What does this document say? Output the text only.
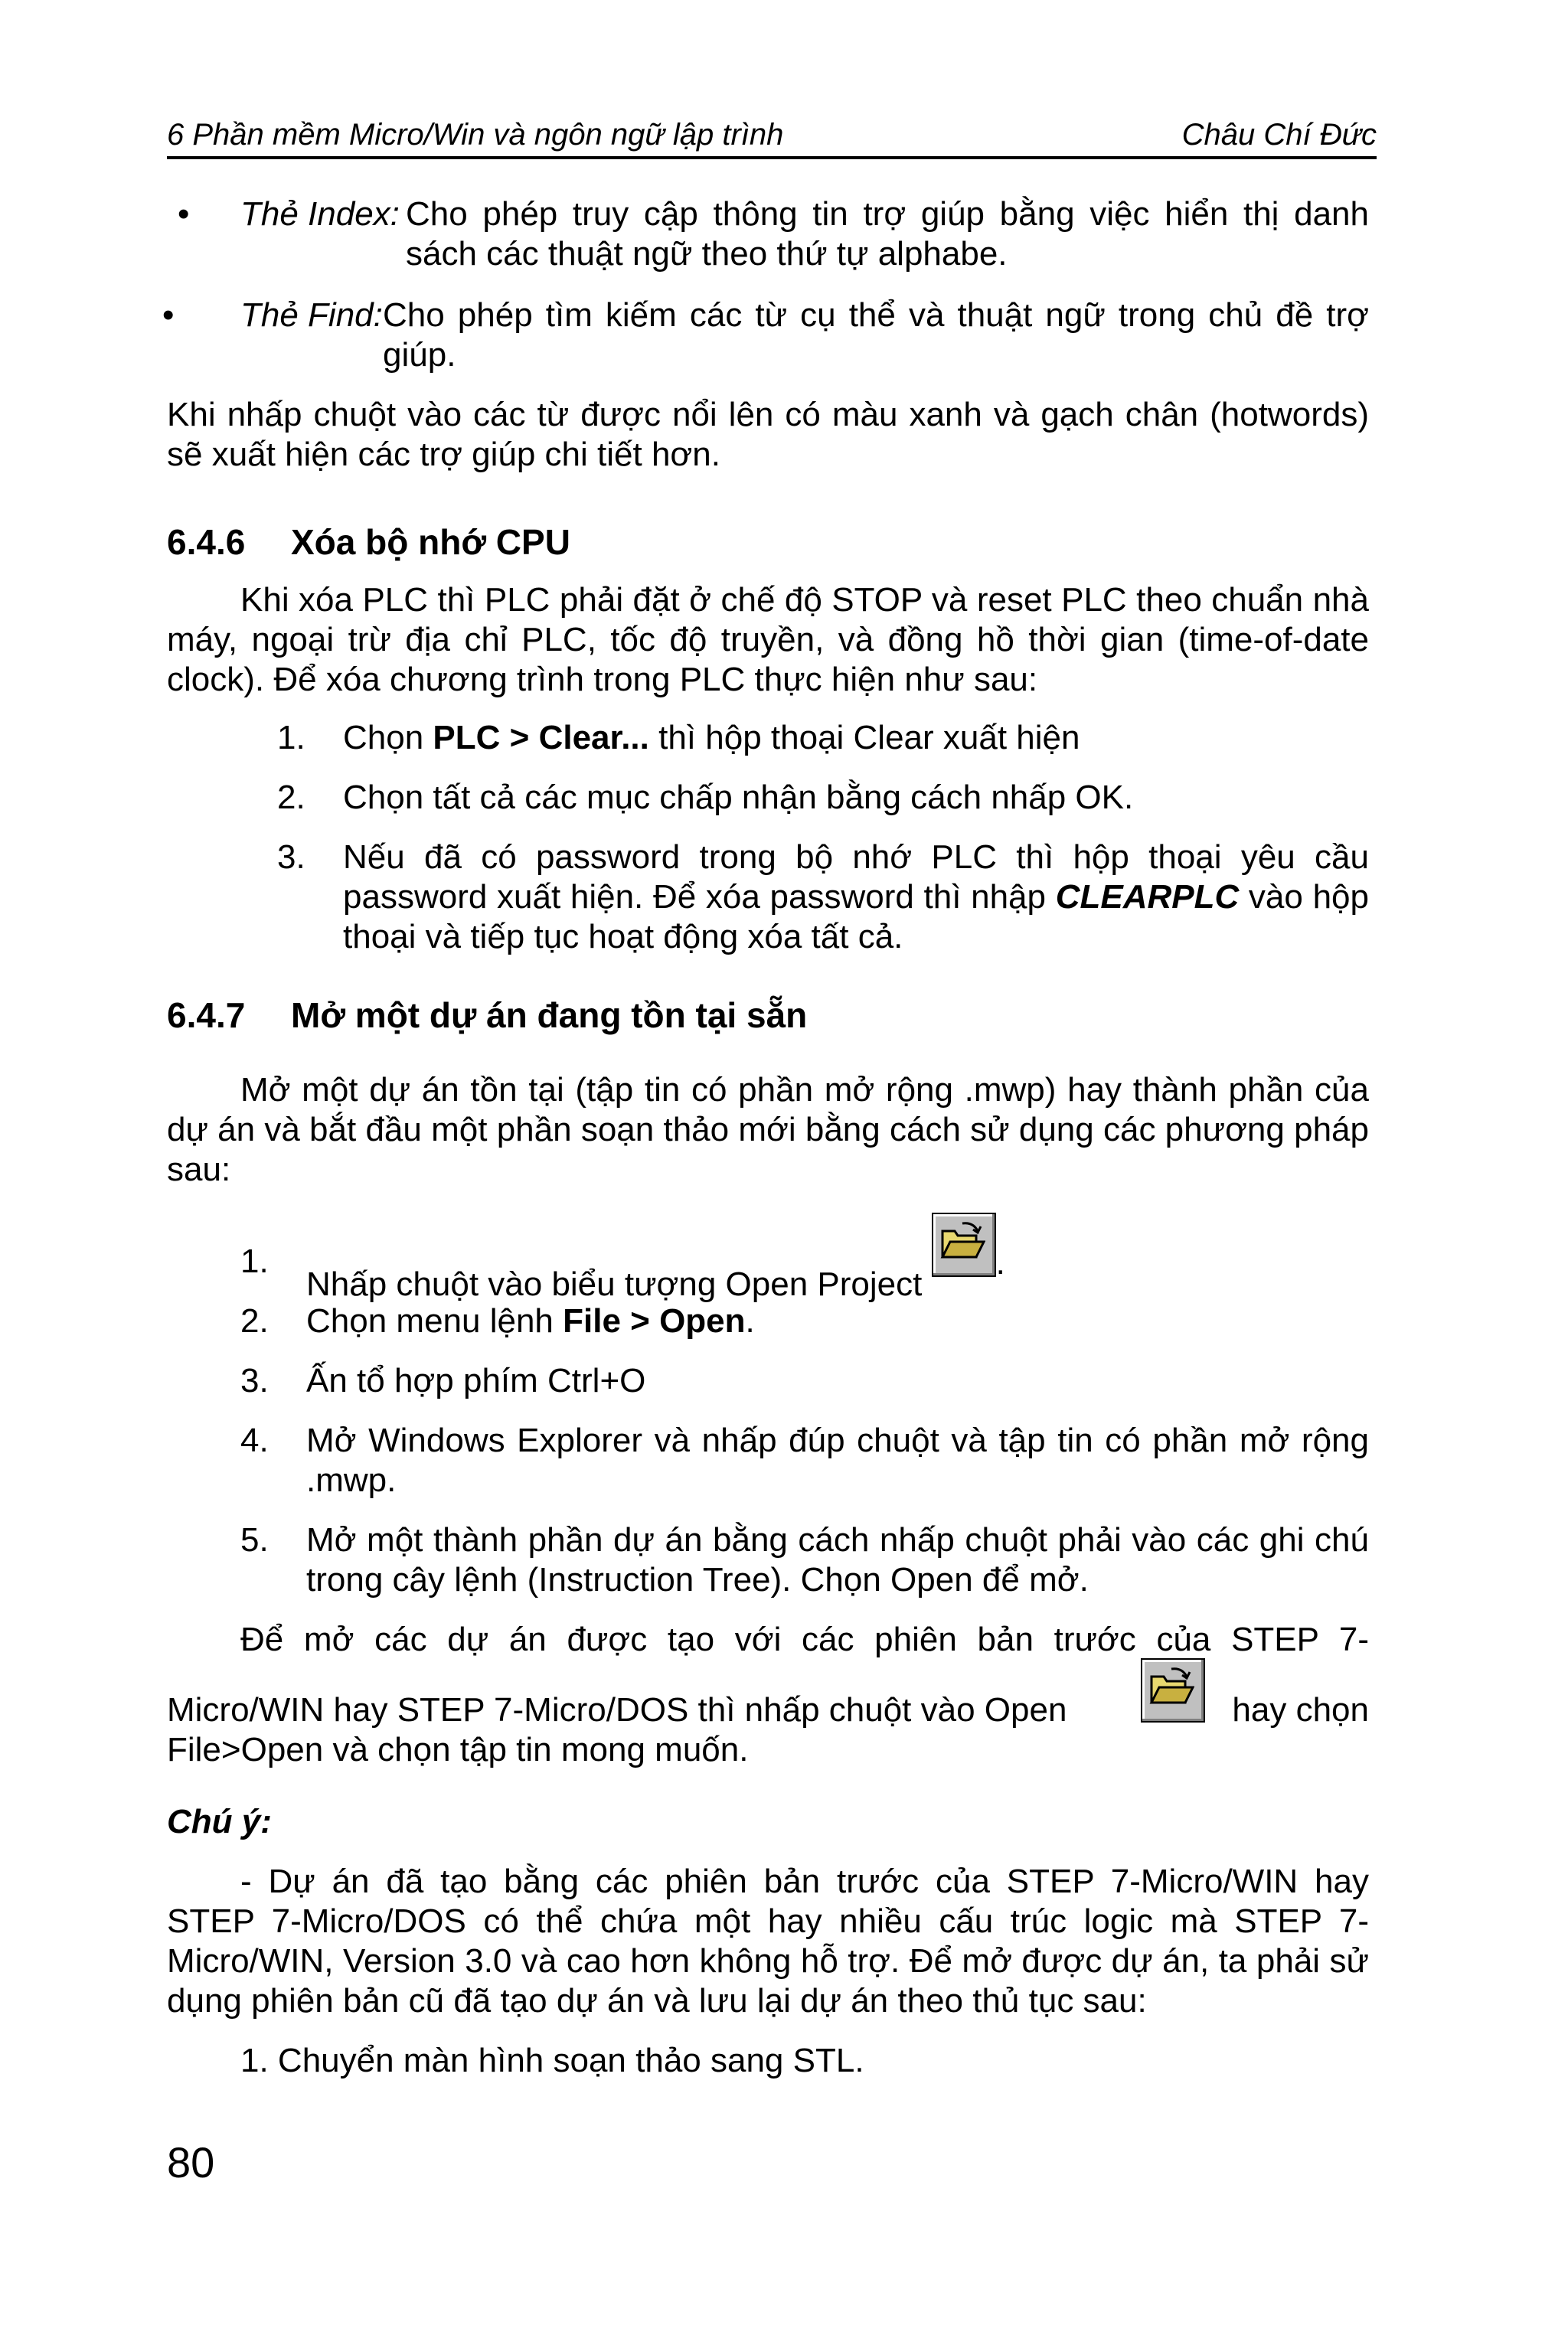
6 Phần mềm Micro/Win và ngôn ngữ lập trình	Châu Chí Đức
• Thẻ Index: Cho phép truy cập thông tin trợ giúp bằng việc hiển thị danh sách các thuật ngữ theo thứ tự alphabe.
• Thẻ Find: Cho phép tìm kiếm các từ cụ thể và thuật ngữ trong chủ đề trợ giúp.

Khi nhấp chuột vào các từ được nổi lên có màu xanh và gạch chân (hotwords) sẽ xuất hiện các trợ giúp chi tiết hơn.

6.4.6 Xóa bộ nhớ CPU

Khi xóa PLC thì PLC phải đặt ở chế độ STOP và reset PLC theo chuẩn nhà máy, ngoại trừ địa chỉ PLC, tốc độ truyền, và đồng hồ thời gian (time-of-date clock). Để xóa chương trình trong PLC thực hiện như sau:

1. Chọn PLC > Clear... thì hộp thoại Clear xuất hiện
2. Chọn tất cả các mục chấp nhận bằng cách nhấp OK.
3. Nếu đã có password trong bộ nhớ PLC thì hộp thoại yêu cầu password xuất hiện. Để xóa password thì nhập CLEARPLC vào hộp thoại và tiếp tục hoạt động xóa tất cả.
6.4.7 Mở một dự án đang tồn tại sẵn

Mở một dự án tồn tại (tập tin có phần mở rộng .mwp) hay thành phần của dự án và bắt đầu một phần soạn thảo mới bằng cách sử dụng các phương pháp sau:

1.
Nhấp chuột vào biểu tượng Open Project
.
2. Chọn menu lệnh File > Open.
3. Ấn tổ hợp phím Ctrl+O
4. Mở Windows Explorer và nhấp đúp chuột và tập tin có phần mở rộng .mwp.
5. Mở một thành phần dự án bằng cách nhấp chuột phải vào các ghi chú trong cây lệnh (Instruction Tree). Chọn Open để mở.

Để mở các dự án được tạo với các phiên bản trước của STEP 7-

Micro/WIN hay STEP 7-Micro/DOS thì nhấp chuột vào Open	hay chọn

File>Open và chọn tập tin mong muốn.

Chú ý:

- Dự án đã tạo bằng các phiên bản trước của STEP 7-Micro/WIN hay STEP 7-Micro/DOS có thể chứa một hay nhiều cấu trúc logic mà STEP 7-Micro/WIN, Version 3.0 và cao hơn không hỗ trợ. Để mở được dự án, ta phải sử dụng phiên bản cũ đã tạo dự án và lưu lại dự án theo thủ tục sau:

1. Chuyển màn hình soạn thảo sang STL.

80
